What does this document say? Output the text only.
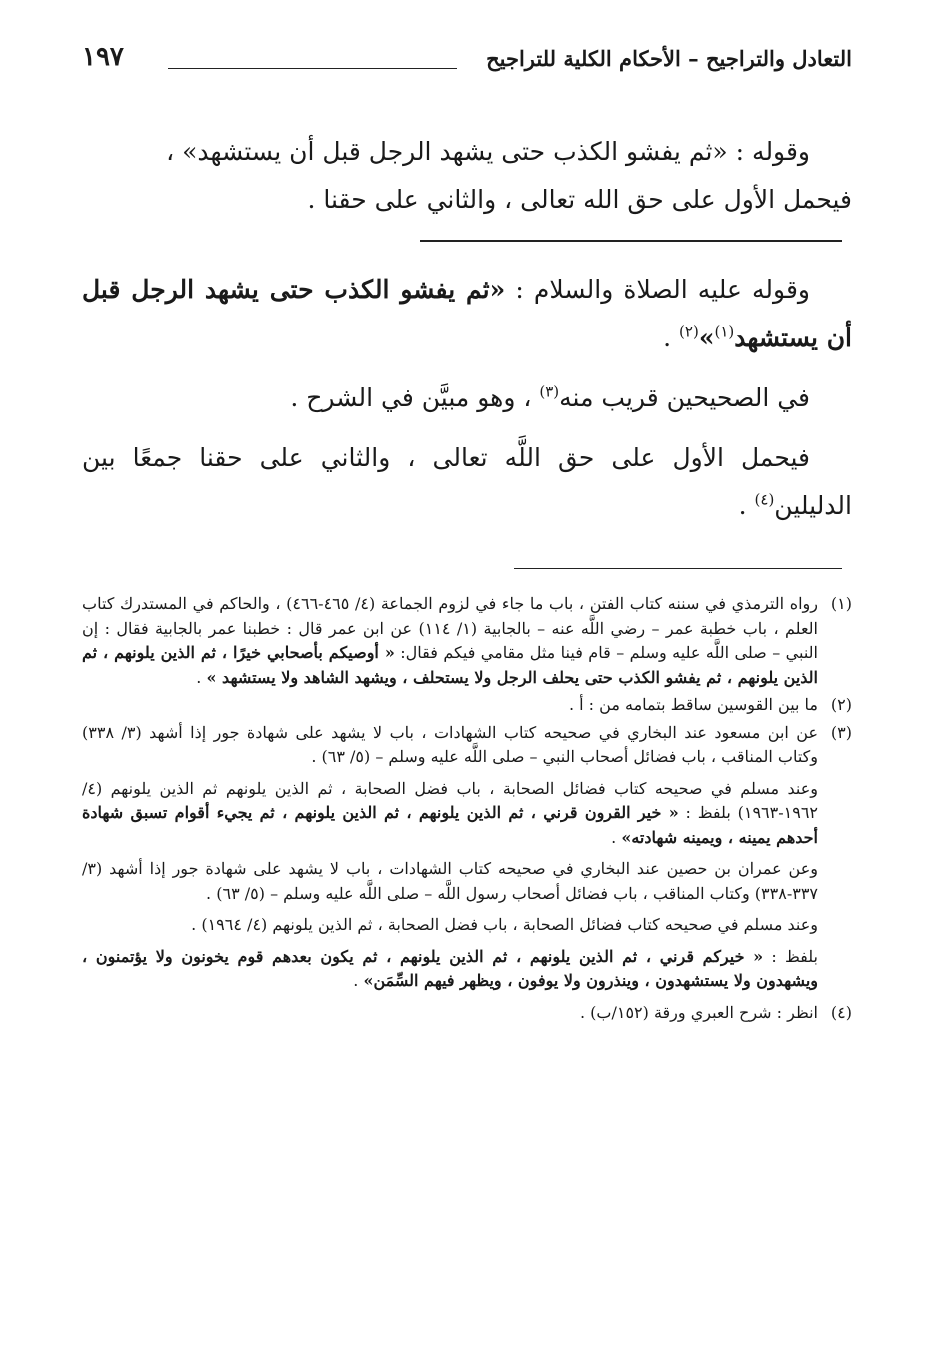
التعادل والتراجيح – الأحكام الكلية للتراجيح
١٩٧
وقوله : «ثم يفشو الكذب حتى يشهد الرجل قبل أن يستشهد» ،
فيحمل الأول على حق الله تعالى ، والثاني على حقنا .

وقوله عليه الصلاة والسلام : «ثم يفشو الكذب حتى يشهد الرجل قبل أن يستشهد$^{(١)}$»$^{(٢)}$ .

في الصحيحين قريب منه$^{(٣)}$ ، وهو مبيَّن في الشرح .

فيحمل الأول على حق اللَّه تعالى ، والثاني على حقنا جمعًا بين الدليلين$^{(٤)}$ .

(١)
رواه الترمذي في سننه كتاب الفتن ، باب ما جاء في لزوم الجماعة (٤/ ٤٦٥-٤٦٦) ، والحاكم في المستدرك كتاب العلم ، باب خطبة عمر – رضي اللَّه عنه – بالجابية (١/ ١١٤) عن ابن عمر قال : خطبنا عمر بالجابية فقال : إن النبي – صلى اللَّه عليه وسلم – قام فينا مثل مقامي فيكم فقال: « أوصيكم بأصحابي خيرًا ، ثم الذين يلونهم ، ثم الذين يلونهم ، ثم يفشو الكذب حتى يحلف الرجل ولا يستحلف ، ويشهد الشاهد ولا يستشهد » .
(٢)
ما بين القوسين ساقط بتمامه من : أ .
(٣)
عن ابن مسعود عند البخاري في صحيحه كتاب الشهادات ، باب لا يشهد على شهادة جور إذا أشهد (٣/ ٣٣٨) وكتاب المناقب ، باب فضائل أصحاب النبي – صلى اللَّه عليه وسلم – (٥/ ٦٣) .
وعند مسلم في صحيحه كتاب فضائل الصحابة ، باب فضل الصحابة ، ثم الذين يلونهم ثم الذين يلونهم (٤/ ١٩٦٢-١٩٦٣) بلفظ : « خير القرون قرني ، ثم الذين يلونهم ، ثم الذين يلونهم ، ثم يجيء أقوام تسبق شهادة أحدهم يمينه ، ويمينه شهادته» .
وعن عمران بن حصين عند البخاري في صحيحه كتاب الشهادات ، باب لا يشهد على شهادة جور إذا أشهد (٣/ ٣٣٧-٣٣٨) وكتاب المناقب ، باب فضائل أصحاب رسول اللَّه – صلى اللَّه عليه وسلم – (٥/ ٦٣) .
وعند مسلم في صحيحه كتاب فضائل الصحابة ، باب فضل الصحابة ، ثم الذين يلونهم (٤/ ١٩٦٤) .
بلفظ : « خيركم قرني ، ثم الذين يلونهم ، ثم الذين يلونهم ، ثم يكون بعدهم قوم يخونون ولا يؤتمنون ، ويشهدون ولا يستشهدون ، وينذرون ولا يوفون ، ويظهر فيهم السِّمَن» .
(٤)
انظر : شرح العبري ورقة (١٥٢/ب) .
